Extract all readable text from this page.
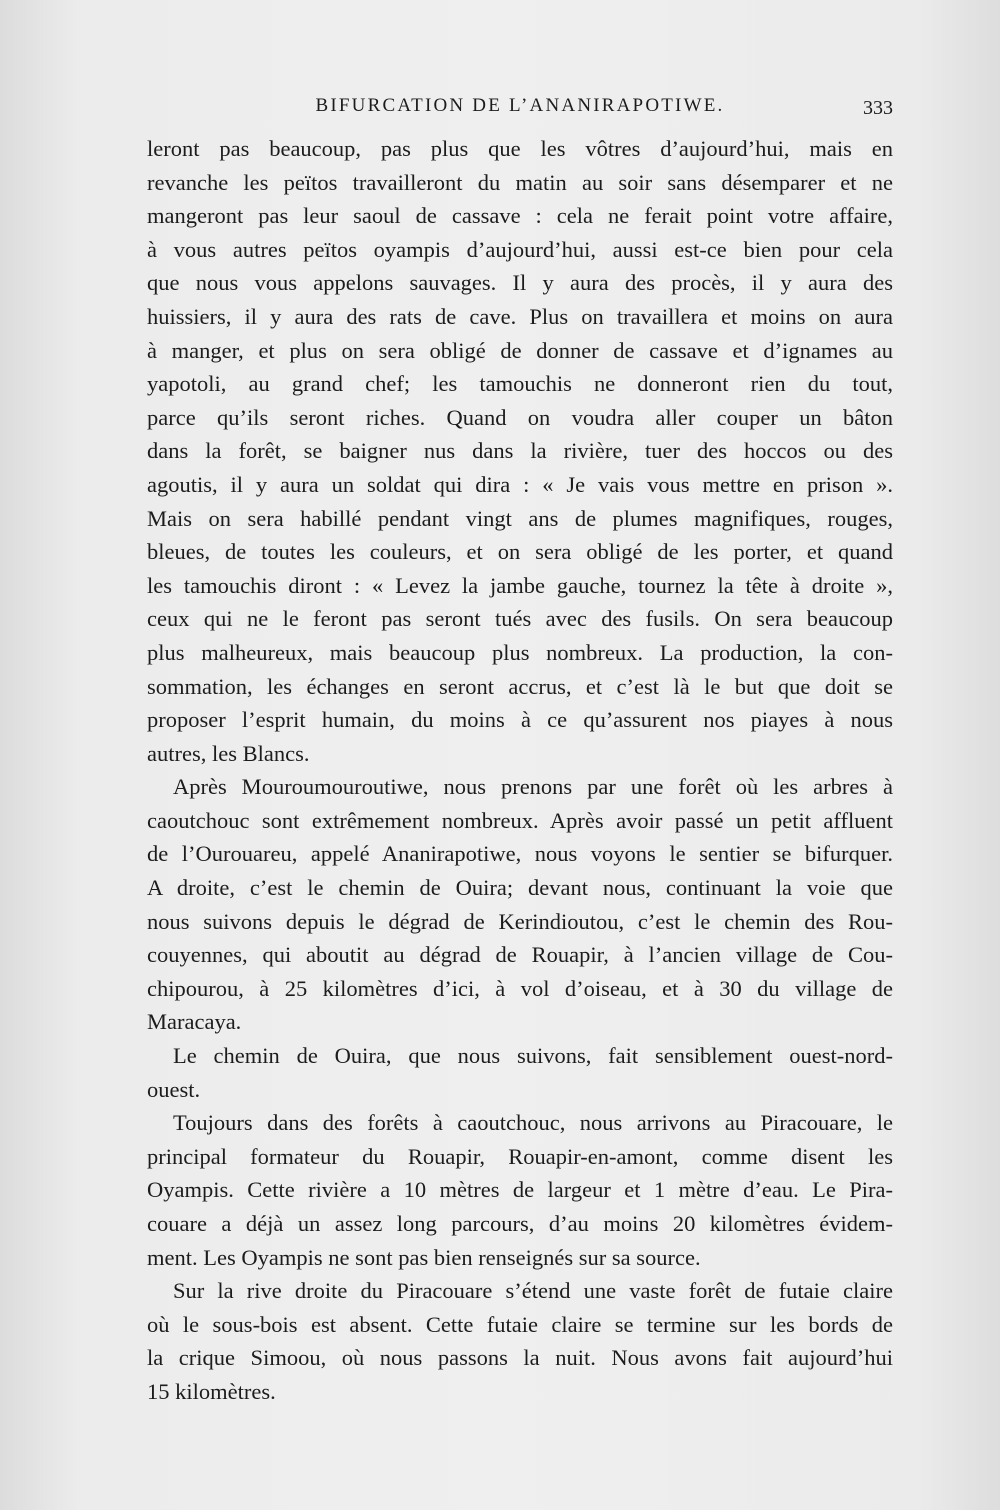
BIFURCATION DE L’ANANIRAPOTIWE.	333
leront pas beaucoup, pas plus que les vôtres d’aujourd’hui, mais en
revanche les peïtos travailleront du matin au soir sans désemparer et ne
mangeront pas leur saoul de cassave : cela ne ferait point votre affaire,
à vous autres peïtos oyampis d’aujourd’hui, aussi est-ce bien pour cela
que nous vous appelons sauvages. Il y aura des procès, il y aura des
huissiers, il y aura des rats de cave. Plus on travaillera et moins on aura
à manger, et plus on sera obligé de donner de cassave et d’ignames au
yapotoli, au grand chef; les tamouchis ne donneront rien du tout,
parce qu’ils seront riches. Quand on voudra aller couper un bâton
dans la forêt, se baigner nus dans la rivière, tuer des hoccos ou des
agoutis, il y aura un soldat qui dira : « Je vais vous mettre en prison ».
Mais on sera habillé pendant vingt ans de plumes magnifiques, rouges,
bleues, de toutes les couleurs, et on sera obligé de les porter, et quand
les tamouchis diront : « Levez la jambe gauche, tournez la tête à droite »,
ceux qui ne le feront pas seront tués avec des fusils. On sera beaucoup
plus malheureux, mais beaucoup plus nombreux. La production, la con-
sommation, les échanges en seront accrus, et c’est là le but que doit se
proposer l’esprit humain, du moins à ce qu’assurent nos piayes à nous
autres, les Blancs.
Après Mouroumouroutiwe, nous prenons par une forêt où les arbres à
caoutchouc sont extrêmement nombreux. Après avoir passé un petit affluent
de l’Ourouareu, appelé Ananirapotiwe, nous voyons le sentier se bifurquer.
A droite, c’est le chemin de Ouira; devant nous, continuant la voie que
nous suivons depuis le dégrad de Kerindioutou, c’est le chemin des Rou-
couyennes, qui aboutit au dégrad de Rouapir, à l’ancien village de Cou-
chipourou, à 25 kilomètres d’ici, à vol d’oiseau, et à 30 du village de
Maracaya.
Le chemin de Ouira, que nous suivons, fait sensiblement ouest-nord-
ouest.
Toujours dans des forêts à caoutchouc, nous arrivons au Piracouare, le
principal formateur du Rouapir, Rouapir-en-amont, comme disent les
Oyampis. Cette rivière a 10 mètres de largeur et 1 mètre d’eau. Le Pira-
couare a déjà un assez long parcours, d’au moins 20 kilomètres évidem-
ment. Les Oyampis ne sont pas bien renseignés sur sa source.
Sur la rive droite du Piracouare s’étend une vaste forêt de futaie claire
où le sous-bois est absent. Cette futaie claire se termine sur les bords de
la crique Simoou, où nous passons la nuit. Nous avons fait aujourd’hui
15 kilomètres.
